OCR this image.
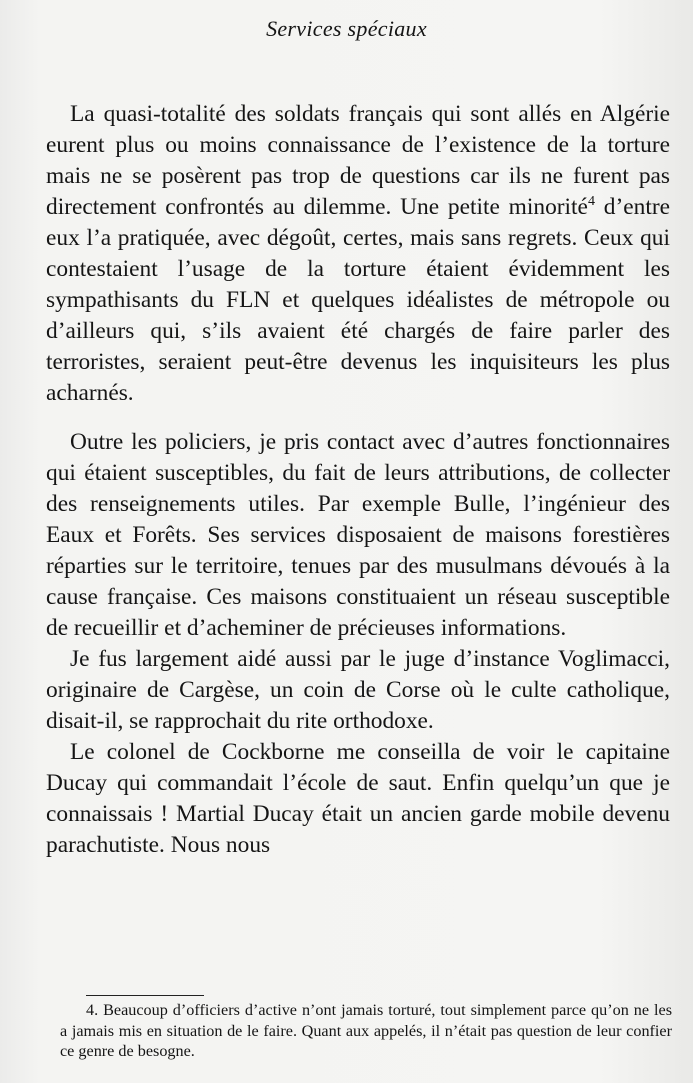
Services spéciaux

La quasi-totalité des soldats français qui sont allés en Algérie eurent plus ou moins connaissance de l’existence de la torture mais ne se posèrent pas trop de questions car ils ne furent pas directement confrontés au dilemme. Une petite minorité$^4$ d’entre eux l’a pratiquée, avec dégoût, certes, mais sans regrets. Ceux qui contestaient l’usage de la torture étaient évidemment les sympathisants du FLN et quelques idéalistes de métropole ou d’ailleurs qui, s’ils avaient été chargés de faire parler des terroristes, seraient peut-être devenus les inquisiteurs les plus acharnés.

Outre les policiers, je pris contact avec d’autres fonctionnaires qui étaient susceptibles, du fait de leurs attributions, de collecter des renseignements utiles. Par exemple Bulle, l’ingénieur des Eaux et Forêts. Ses services disposaient de maisons forestières réparties sur le territoire, tenues par des musulmans dévoués à la cause française. Ces maisons constituaient un réseau susceptible de recueillir et d’acheminer de précieuses informations.

Je fus largement aidé aussi par le juge d’instance Voglimacci, originaire de Cargèse, un coin de Corse où le culte catholique, disait-il, se rapprochait du rite orthodoxe.

Le colonel de Cockborne me conseilla de voir le capitaine Ducay qui commandait l’école de saut. Enfin quelqu’un que je connaissais ! Martial Ducay était un ancien garde mobile devenu parachutiste. Nous nous

4. Beaucoup d’officiers d’active n’ont jamais torturé, tout simplement parce qu’on ne les a jamais mis en situation de le faire. Quant aux appelés, il n’était pas question de leur confier ce genre de besogne.
